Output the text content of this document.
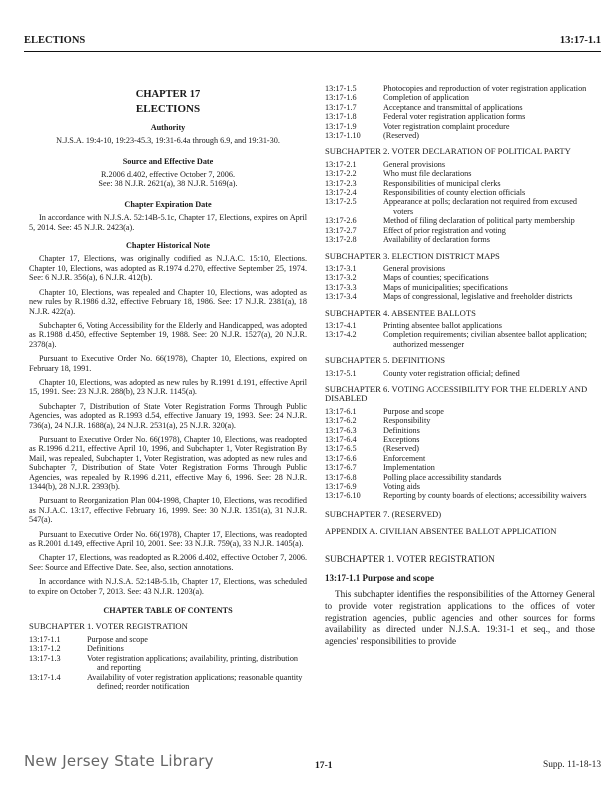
ELECTIONS	13:17-1.1
CHAPTER 17
ELECTIONS
Authority
N.J.S.A. 19:4-10, 19:23-45.3, 19:31-6.4a through 6.9, and 19:31-30.
Source and Effective Date
R.2006 d.402, effective October 7, 2006.
See: 38 N.J.R. 2621(a), 38 N.J.R. 5169(a).
Chapter Expiration Date

In accordance with N.J.S.A. 52:14B-5.1c, Chapter 17, Elections, expires on April 5, 2014. See: 45 N.J.R. 2423(a).

Chapter Historical Note

Chapter 17, Elections, was originally codified as N.J.A.C. 15:10, Elections. Chapter 10, Elections, was adopted as R.1974 d.270, effective September 25, 1974. See: 6 N.J.R. 356(a), 6 N.J.R. 412(b).

Chapter 10, Elections, was repealed and Chapter 10, Elections, was adopted as new rules by R.1986 d.32, effective February 18, 1986. See: 17 N.J.R. 2381(a), 18 N.J.R. 422(a).

Subchapter 6, Voting Accessibility for the Elderly and Handicapped, was adopted as R.1988 d.450, effective September 19, 1988. See: 20 N.J.R. 1527(a), 20 N.J.R. 2378(a).

Pursuant to Executive Order No. 66(1978), Chapter 10, Elections, expired on February 18, 1991.

Chapter 10, Elections, was adopted as new rules by R.1991 d.191, effective April 15, 1991. See: 23 N.J.R. 288(b), 23 N.J.R. 1145(a).

Subchapter 7, Distribution of State Voter Registration Forms Through Public Agencies, was adopted as R.1993 d.54, effective January 19, 1993. See: 24 N.J.R. 736(a), 24 N.J.R. 1688(a), 24 N.J.R. 2531(a), 25 N.J.R. 320(a).

Pursuant to Executive Order No. 66(1978), Chapter 10, Elections, was readopted as R.1996 d.211, effective April 10, 1996, and Subchapter 1, Voter Registration By Mail, was repealed, Subchapter 1, Voter Registration, was adopted as new rules and Subchapter 7, Distribution of State Voter Registration Forms Through Public Agencies, was repealed by R.1996 d.211, effective May 6, 1996. See: 28 N.J.R. 1344(b), 28 N.J.R. 2393(b).

Pursuant to Reorganization Plan 004-1998, Chapter 10, Elections, was recodified as N.J.A.C. 13:17, effective February 16, 1999. See: 30 N.J.R. 1351(a), 31 N.J.R. 547(a).

Pursuant to Executive Order No. 66(1978), Chapter 17, Elections, was readopted as R.2001 d.149, effective April 10, 2001. See: 33 N.J.R. 759(a), 33 N.J.R. 1405(a).

Chapter 17, Elections, was readopted as R.2006 d.402, effective October 7, 2006. See: Source and Effective Date. See, also, section annotations.

In accordance with N.J.S.A. 52:14B-5.1b, Chapter 17, Elections, was scheduled to expire on October 7, 2013. See: 43 N.J.R. 1203(a).

CHAPTER TABLE OF CONTENTS
SUBCHAPTER 1. VOTER REGISTRATION
13:17-1.1	Purpose and scope
13:17-1.2	Definitions
13:17-1.3	Voter registration applications; availability, printing, distribution and reporting
13:17-1.4	Availability of voter registration applications; reasonable quantity defined; reorder notification
13:17-1.5	Photocopies and reproduction of voter registration application
13:17-1.6	Completion of application
13:17-1.7	Acceptance and transmittal of applications
13:17-1.8	Federal voter registration application forms
13:17-1.9	Voter registration complaint procedure
13:17-1.10	(Reserved)
SUBCHAPTER 2. VOTER DECLARATION OF POLITICAL PARTY
13:17-2.1	General provisions
13:17-2.2	Who must file declarations
13:17-2.3	Responsibilities of municipal clerks
13:17-2.4	Responsibilities of county election officials
13:17-2.5	Appearance at polls; declaration not required from excused voters
13:17-2.6	Method of filing declaration of political party membership
13:17-2.7	Effect of prior registration and voting
13:17-2.8	Availability of declaration forms
SUBCHAPTER 3. ELECTION DISTRICT MAPS
13:17-3.1	General provisions
13:17-3.2	Maps of counties; specifications
13:17-3.3	Maps of municipalities; specifications
13:17-3.4	Maps of congressional, legislative and freeholder districts
SUBCHAPTER 4. ABSENTEE BALLOTS
13:17-4.1	Printing absentee ballot applications
13:17-4.2	Completion requirements; civilian absentee ballot application; authorized messenger
SUBCHAPTER 5. DEFINITIONS
13:17-5.1	County voter registration official; defined
SUBCHAPTER 6. VOTING ACCESSIBILITY FOR THE ELDERLY AND DISABLED
13:17-6.1	Purpose and scope
13:17-6.2	Responsibility
13:17-6.3	Definitions
13:17-6.4	Exceptions
13:17-6.5	(Reserved)
13:17-6.6	Enforcement
13:17-6.7	Implementation
13:17-6.8	Polling place accessibility standards
13:17-6.9	Voting aids
13:17-6.10	Reporting by county boards of elections; accessibility waivers
SUBCHAPTER 7. (RESERVED)
APPENDIX A. CIVILIAN ABSENTEE BALLOT APPLICATION
SUBCHAPTER 1. VOTER REGISTRATION
13:17-1.1 Purpose and scope
This subchapter identifies the responsibilities of the Attorney General to provide voter registration applications to the offices of voter registration agencies, public agencies and other sources for forms availability as directed under N.J.S.A. 19:31-1 et seq., and those agencies' responsibilities to provide
New Jersey State Library	17-1	Supp. 11-18-13
